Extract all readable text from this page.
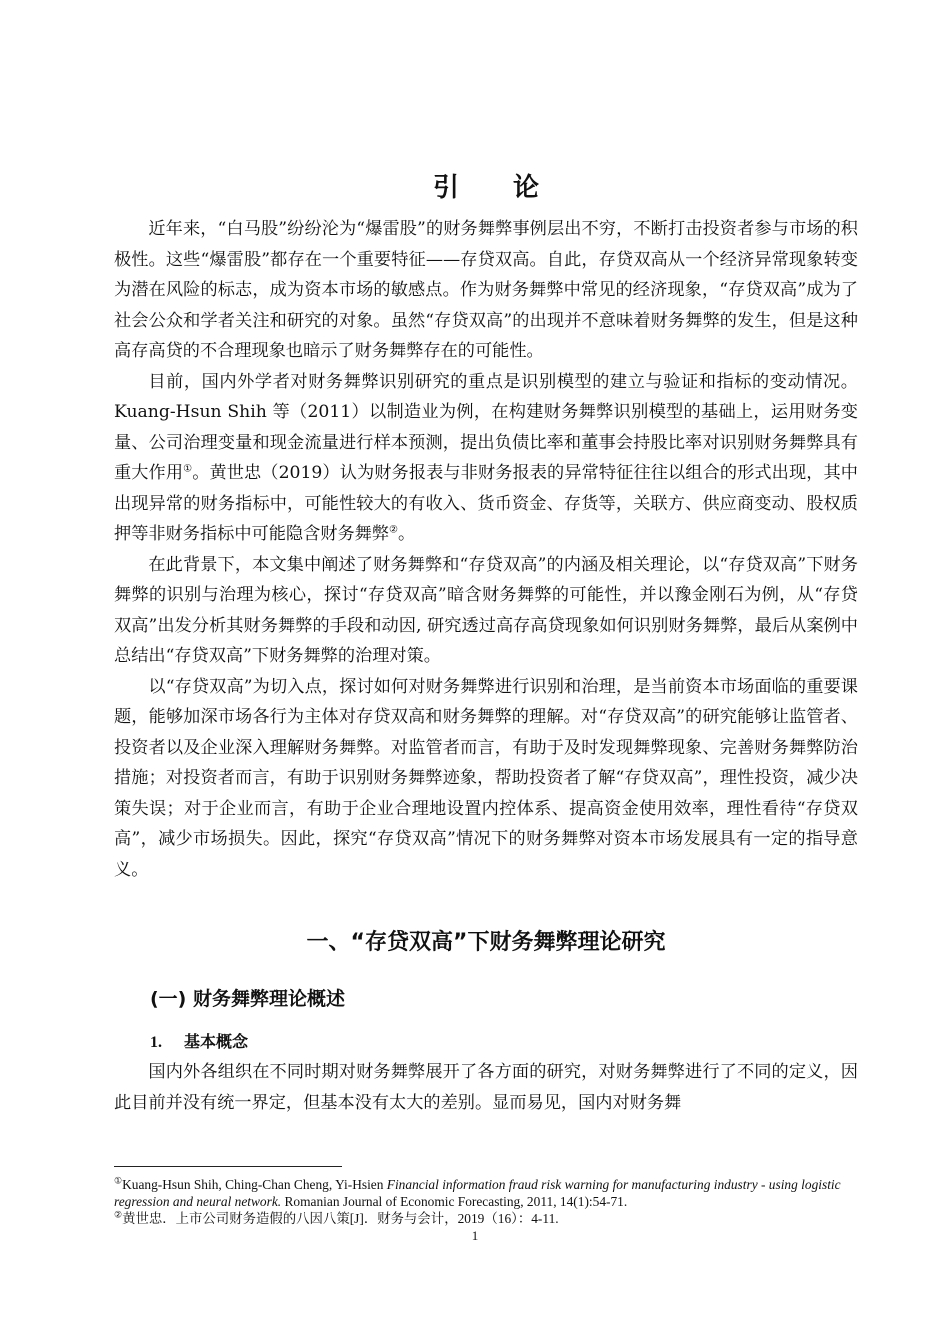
引　论

近年来，“白马股”纷纷沦为“爆雷股”的财务舞弊事例层出不穷，不断打击投资者参与市场的积极性。这些“爆雷股”都存在一个重要特征——存贷双高。自此，存贷双高从一个经济异常现象转变为潜在风险的标志，成为资本市场的敏感点。作为财务舞弊中常见的经济现象，“存贷双高”成为了社会公众和学者关注和研究的对象。虽然“存贷双高”的出现并不意味着财务舞弊的发生，但是这种高存高贷的不合理现象也暗示了财务舞弊存在的可能性。

目前，国内外学者对财务舞弊识别研究的重点是识别模型的建立与验证和指标的变动情况。Kuang-Hsun Shih 等（2011）以制造业为例，在构建财务舞弊识别模型的基础上，运用财务变量、公司治理变量和现金流量进行样本预测，提出负债比率和董事会持股比率对识别财务舞弊具有重大作用①。黄世忠（2019）认为财务报表与非财务报表的异常特征往往以组合的形式出现，其中出现异常的财务指标中，可能性较大的有收入、货币资金、存货等，关联方、供应商变动、股权质押等非财务指标中可能隐含财务舞弊②。

在此背景下，本文集中阐述了财务舞弊和“存贷双高”的内涵及相关理论，以“存贷双高”下财务舞弊的识别与治理为核心，探讨“存贷双高”暗含财务舞弊的可能性，并以豫金刚石为例，从“存贷双高”出发分析其财务舞弊的手段和动因, 研究透过高存高贷现象如何识别财务舞弊，最后从案例中总结出“存贷双高”下财务舞弊的治理对策。

以“存贷双高”为切入点，探讨如何对财务舞弊进行识别和治理，是当前资本市场面临的重要课题，能够加深市场各行为主体对存贷双高和财务舞弊的理解。对“存贷双高”的研究能够让监管者、投资者以及企业深入理解财务舞弊。对监管者而言，有助于及时发现舞弊现象、完善财务舞弊防治措施；对投资者而言，有助于识别财务舞弊迹象，帮助投资者了解“存贷双高”，理性投资，减少决策失误；对于企业而言，有助于企业合理地设置内控体系、提高资金使用效率，理性看待“存贷双高”，减少市场损失。因此，探究“存贷双高”情况下的财务舞弊对资本市场发展具有一定的指导意义。

一、“存贷双高”下财务舞弊理论研究
(一) 财务舞弊理论概述
1. 基本概念

国内外各组织在不同时期对财务舞弊展开了各方面的研究，对财务舞弊进行了不同的定义，因此目前并没有统一界定，但基本没有太大的差别。显而易见，国内对财务舞

①Kuang-Hsun Shih, Ching-Chan Cheng, Yi-Hsien Financial information fraud risk warning for manufacturing industry - using logistic regression and neural network. Romanian Journal of Economic Forecasting, 2011, 14(1):54-71.

②黄世忠．上市公司财务造假的八因八策[J]．财务与会计，2019（16）：4-11.

1
